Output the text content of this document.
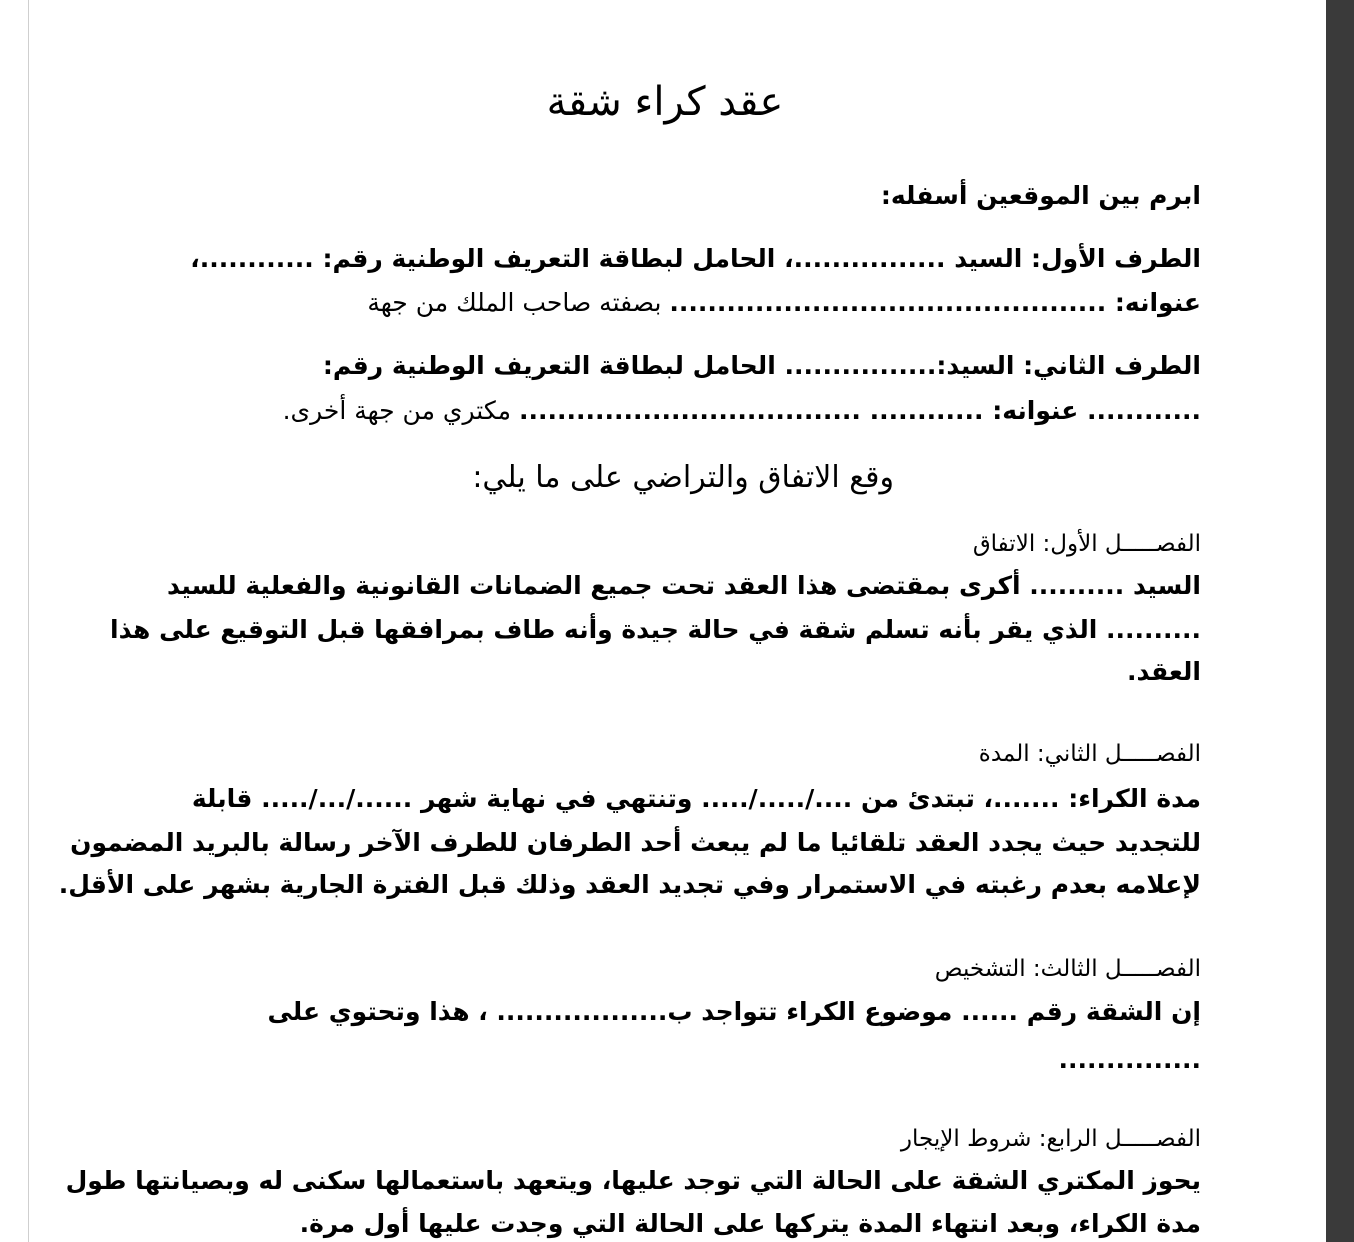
عقد كراء شقة
ابرم بين الموقعين أسفله:
الطرف الأول: السيد ................، الحامل لبطاقة التعريف الوطنية رقم: ............،
عنوانه: .............................................. بصفته صاحب الملك من جهة
الطرف الثاني: السيد:................ الحامل لبطاقة التعريف الوطنية رقم:
............ عنوانه: ............ .................................... مكتري من جهة أخرى.
وقع الاتفاق والتراضي على ما يلي:
الفصـــــل الأول: الاتفاق
السيد .......... أكرى بمقتضى هذا العقد تحت جميع الضمانات القانونية والفعلية للسيد
.......... الذي يقر بأنه تسلم شقة في حالة جيدة وأنه طاف بمرافقها قبل التوقيع على هذا
العقد.
الفصـــــل الثاني: المدة
مدة الكراء: .......، تبتدئ من ..../...../..... وتنتهي في نهاية شهر ....../.../..... قابلة
للتجديد حيث يجدد العقد تلقائيا ما لم يبعث أحد الطرفان للطرف الآخر رسالة بالبريد المضمون
لإعلامه بعدم رغبته في الاستمرار وفي تجديد العقد وذلك قبل الفترة الجارية بشهر على الأقل.
الفصـــــل الثالث: التشخيص
إن الشقة رقم ...... موضوع الكراء تتواجد ب.................. ، هذا وتحتوي على
...............
الفصـــــل الرابع: شروط الإيجار
يحوز المكتري الشقة على الحالة التي توجد عليها، ويتعهد باستعمالها سكنى له وبصيانتها طول
مدة الكراء، وبعد انتهاء المدة يتركها على الحالة التي وجدت عليها أول مرة.
